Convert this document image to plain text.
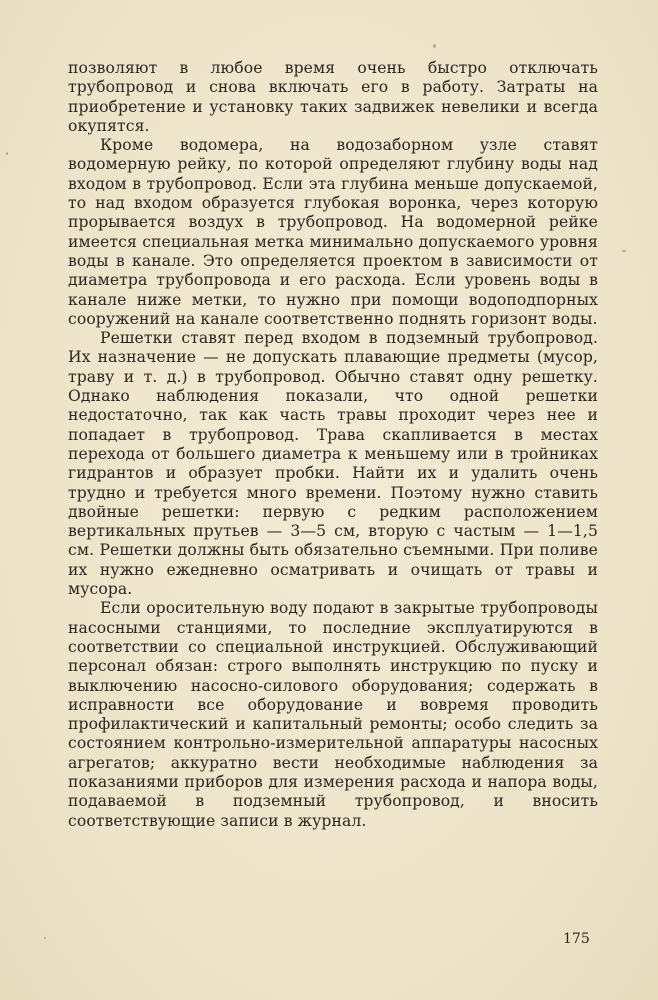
позволяют в любое время очень быстро отключать трубопровод и снова включать его в работу. Затраты на приобретение и установку таких задвижек невелики и всегда окупятся.

Кроме водомера, на водозаборном узле ставят водомерную рейку, по которой определяют глубину воды над входом в трубопровод. Если эта глубина меньше допускаемой, то над входом образуется глубокая воронка, через которую прорывается воздух в трубопровод. На водомерной рейке имеется специальная метка минимально допускаемого уровня воды в канале. Это определяется проектом в зависимости от диаметра трубопровода и его расхода. Если уровень воды в канале ниже метки, то нужно при помощи водоподпорных сооружений на канале соответственно поднять горизонт воды.

Решетки ставят перед входом в подземный трубопровод. Их назначение — не допускать плавающие предметы (мусор, траву и т. д.) в трубопровод. Обычно ставят одну решетку. Однако наблюдения показали, что одной решетки недостаточно, так как часть травы проходит через нее и попадает в трубопровод. Трава скапливается в местах перехода от большего диаметра к меньшему или в тройниках гидрантов и образует пробки. Найти их и удалить очень трудно и требуется много времени. Поэтому нужно ставить двойные решетки: первую с редким расположением вертикальных прутьев — 3—5 см, вторую с частым — 1—1,5 см. Решетки должны быть обязательно съемными. При поливе их нужно ежедневно осматривать и очищать от травы и мусора.

Если оросительную воду подают в закрытые трубопроводы насосными станциями, то последние эксплуатируются в соответствии со специальной инструкцией. Обслуживающий персонал обязан: строго выполнять инструкцию по пуску и выключению насосно-силового оборудования; содержать в исправности все оборудование и вовремя проводить профилактический и капитальный ремонты; особо следить за состоянием контрольно-измерительной аппаратуры насосных агрегатов; аккуратно вести необходимые наблюдения за показаниями приборов для измерения расхода и напора воды, подаваемой в подземный трубопровод, и вносить соответствующие записи в журнал.

175
